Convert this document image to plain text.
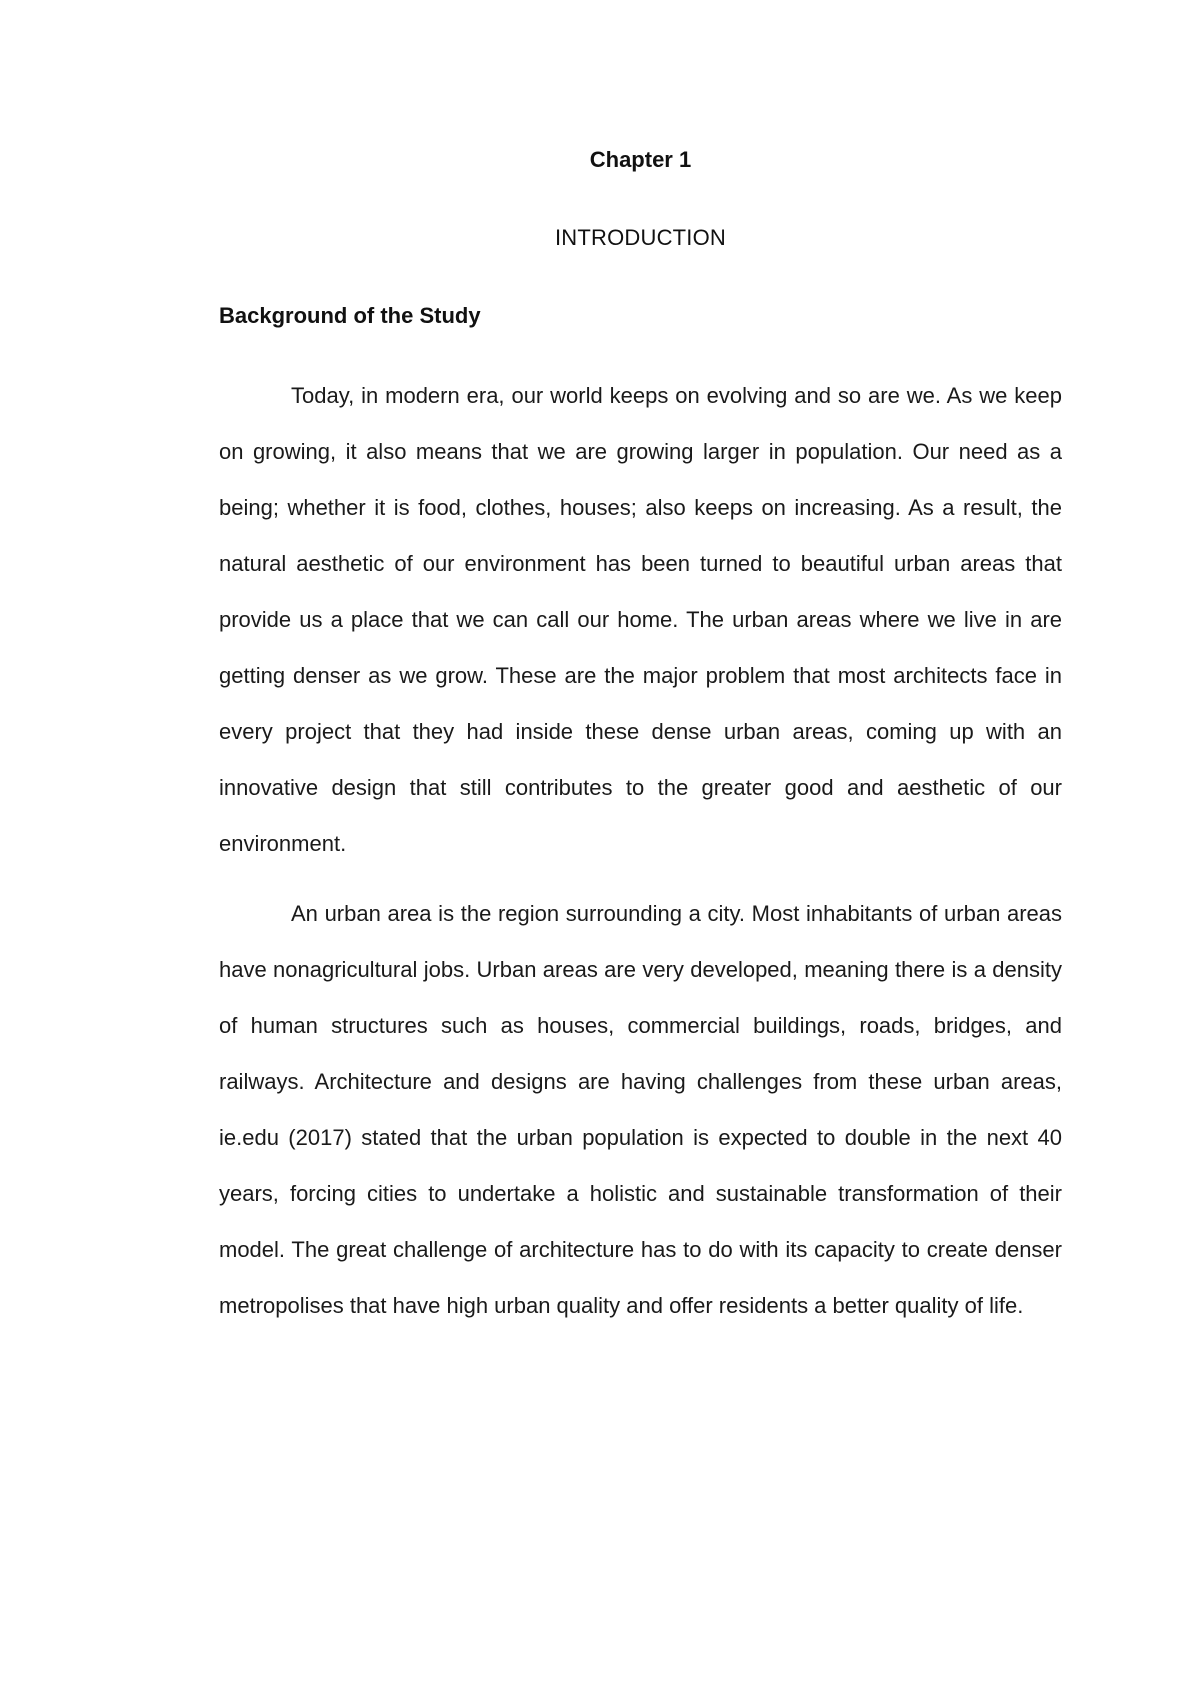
Chapter 1
INTRODUCTION
Background of the Study

Today, in modern era, our world keeps on evolving and so are we. As we keep on growing, it also means that we are growing larger in population. Our need as a being; whether it is food, clothes, houses; also keeps on increasing. As a result, the natural aesthetic of our environment has been turned to beautiful urban areas that provide us a place that we can call our home. The urban areas where we live in are getting denser as we grow. These are the major problem that most architects face in every project that they had inside these dense urban areas, coming up with an innovative design that still contributes to the greater good and aesthetic of our environment.

An urban area is the region surrounding a city. Most inhabitants of urban areas have nonagricultural jobs. Urban areas are very developed, meaning there is a density of human structures such as houses, commercial buildings, roads, bridges, and railways. Architecture and designs are having challenges from these urban areas, ie.edu (2017) stated that the urban population is expected to double in the next 40 years, forcing cities to undertake a holistic and sustainable transformation of their model. The great challenge of architecture has to do with its capacity to create denser metropolises that have high urban quality and offer residents a better quality of life.
